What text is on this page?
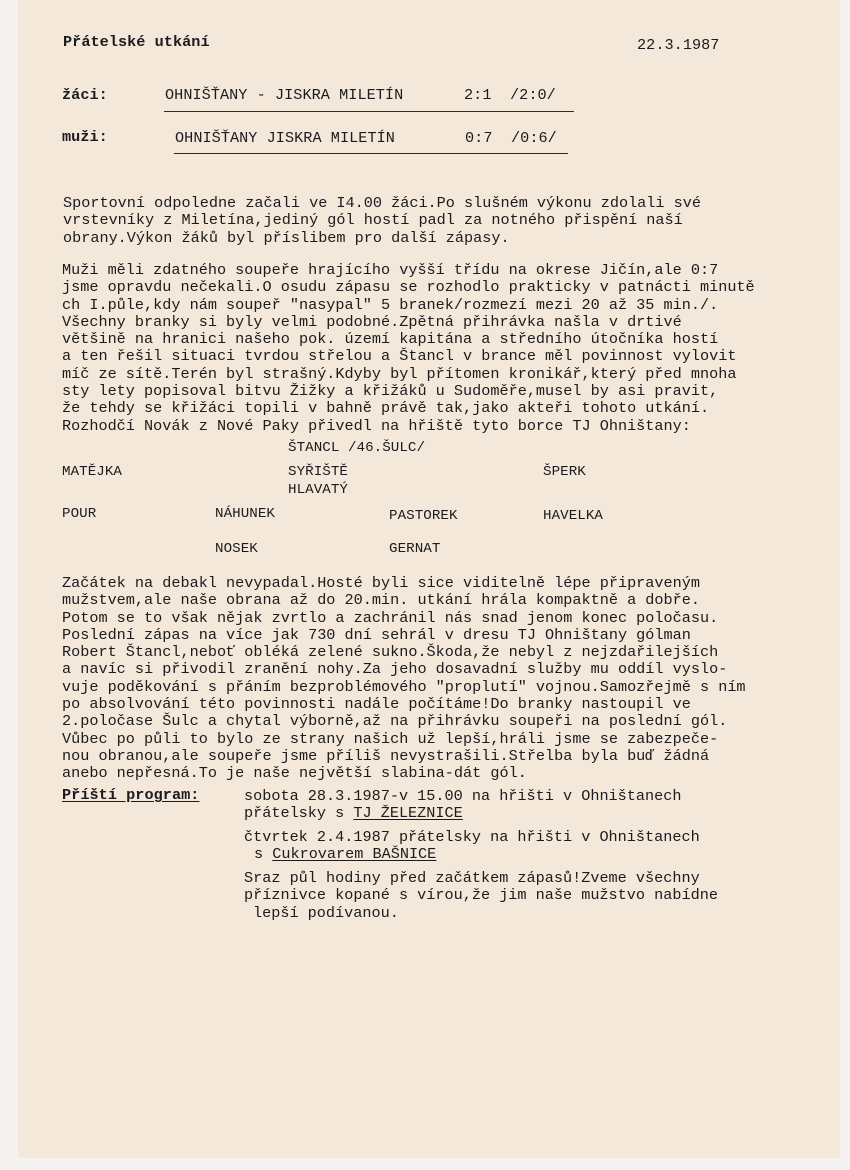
Přátelské utkání	22.3.1987

žáci:	OHNIŠŤANY - JISKRA MILETÍN	2:1 /2:0/

muži:	OHNIŠŤANY JISKRA MILETÍN	0:7 /0:6/

Sportovní odpoledne začali ve I4.00 žáci.Po slušném výkonu zdolali své
vrstevníky z Miletína,jediný gól hostí padl za notného přispění naší
obrany.Výkon žáků byl příslibem pro další zápasy.
Muži měli zdatného soupeře hrajícího vyšší třídu na okrese Jičín,ale 0:7
jsme opravdu nečekali.O osudu zápasu se rozhodlo prakticky v patnácti minutě
ch I.půle,kdy nám soupeř "nasypal" 5 branek/rozmezí mezi 20 až 35 min./.
Všechny branky si byly velmi podobné.Zpětná přihrávka našla v drtivé
většině na hranici našeho pok. území kapitána a středního útočníka hostí
a ten řešil situaci tvrdou střelou a Štancl v brance měl povinnost vylovit
míč ze sítě.Terén byl strašný.Kdyby byl přítomen kronikář,který před mnoha
sty lety popisoval bitvu Žižky a křižáků u Sudoměře,musel by asi pravit,
že tehdy se křižáci topili v bahně právě tak,jako akteři tohoto utkání.
Rozhodčí Novák z Nové Paky přivedl na hřiště tyto borce TJ Ohništany:

ŠTANCL /46.ŠULC/

MATĚJKA	SYŘIŠTĚ	ŠPERK

HLAVATÝ

POUR	NÁHUNEK	PASTOREK	HAVELKA

NOSEK	GERNAT

Začátek na debakl nevypadal.Hosté byli sice viditelně lépe připraveným
mužstvem,ale naše obrana až do 20.min. utkání hrála kompaktně a dobře.
Potom se to však nějak zvrtlo a zachránil nás snad jenom konec poločasu.
Poslední zápas na více jak 730 dní sehrál v dresu TJ Ohništany gólman
Robert Štancl,neboť obléká zelené sukno.Škoda,že nebyl z nejzdařilejších
a navíc si přivodil zranění nohy.Za jeho dosavadní služby mu oddíl vyslo-
vuje poděkování s přáním bezproblémového "proplutí" vojnou.Samozřejmě s ním
po absolvování této povinnosti nadále počítáme!Do branky nastoupil ve
2.poločase Šulc a chytal výborně,až na přihrávku soupeři na poslední gól.
Vůbec po půli to bylo ze strany našich už lepší,hráli jsme se zabezpeče-
nou obranou,ale soupeře jsme příliš nevystrašili.Střelba byla buď žádná
anebo nepřesná.To je naše největší slabina-dát gól.

Příští program:	sobota 28.3.1987-v 15.00 na hřišti v Ohništanech
přátelsky s TJ ŽELEZNICE
čtvrtek 2.4.1987 přátelsky na hřišti v Ohništanech
s Cukrovarem BAŠNICE
Sraz půl hodiny před začátkem zápasů!Zveme všechny
příznivce kopané s vírou,že jim naše mužstvo nabídne
lepší podívanou.
